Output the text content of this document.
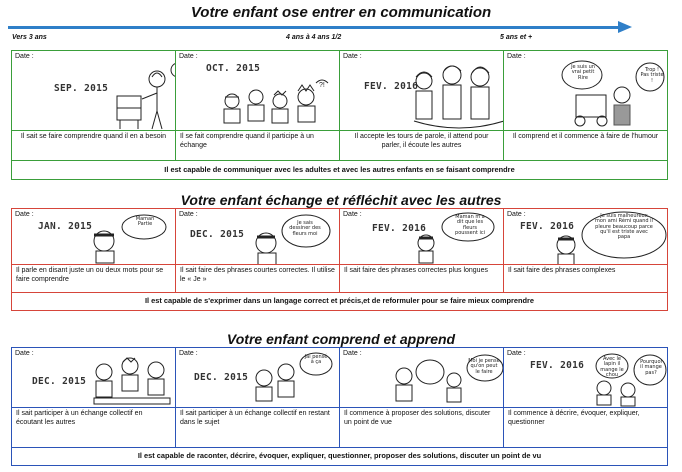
Votre enfant ose entrer en communication
Vers 3 ans	4 ans à 4 ans 1/2	5 ans et +
Date :
SEP. 2015
?
Il sait se faire comprendre quand il en a besoin
Date :
OCT. 2015
?!
Il se fait comprendre quand il participe à un échange
Date :
FEV. 2016
Il accepte les tours de parole, il attend pour parler, il écoute les autres
Date :
Je suis un vrai petit Rire
Trop ! Pas triste !
Il comprend et il commence à faire de l'humour
Il est capable de communiquer avec les adultes et avec les autres enfants en se faisant comprendre
Votre enfant échange et réfléchit avec les autres
Date :
JAN. 2015
Maman Partie
Il parle en disant juste un ou deux mots pour se faire comprendre
Date :
DEC. 2015
Je sais dessiner des fleurs moi
Il sait faire des phrases courtes correctes. Il utilise le « Je »
Date :
FEV. 2016
Maman m'a dit que les fleurs poussent ici
Il sait faire des phrases correctes plus longues
Date :
FEV. 2016
Je suis malheureux mon ami Rémi quand il pleure beaucoup parce qu'il est triste avec papa
Il sait faire des phrases complexes
Il est capable de s'exprimer dans un langage correct et précis,et de reformuler pour se faire mieux comprendre
Votre enfant comprend et apprend
Date :
DEC. 2015
Il sait participer à un échange collectif en écoutant les autres
Date :
DEC. 2015
Jai pensé à ça
Il sait participer à un échange collectif en restant dans le sujet
Date :
Moi je pense qu'on peut le faire
Il commence à proposer des solutions, discuter un point de vue
Date :
FEV. 2016
Avec le lapin il mange le chou
Pourquoi il mange pas?
Il commence à décrire, évoquer, expliquer, questionner
Il est capable de raconter, décrire, évoquer, expliquer, questionner, proposer des solutions, discuter un point de vu
